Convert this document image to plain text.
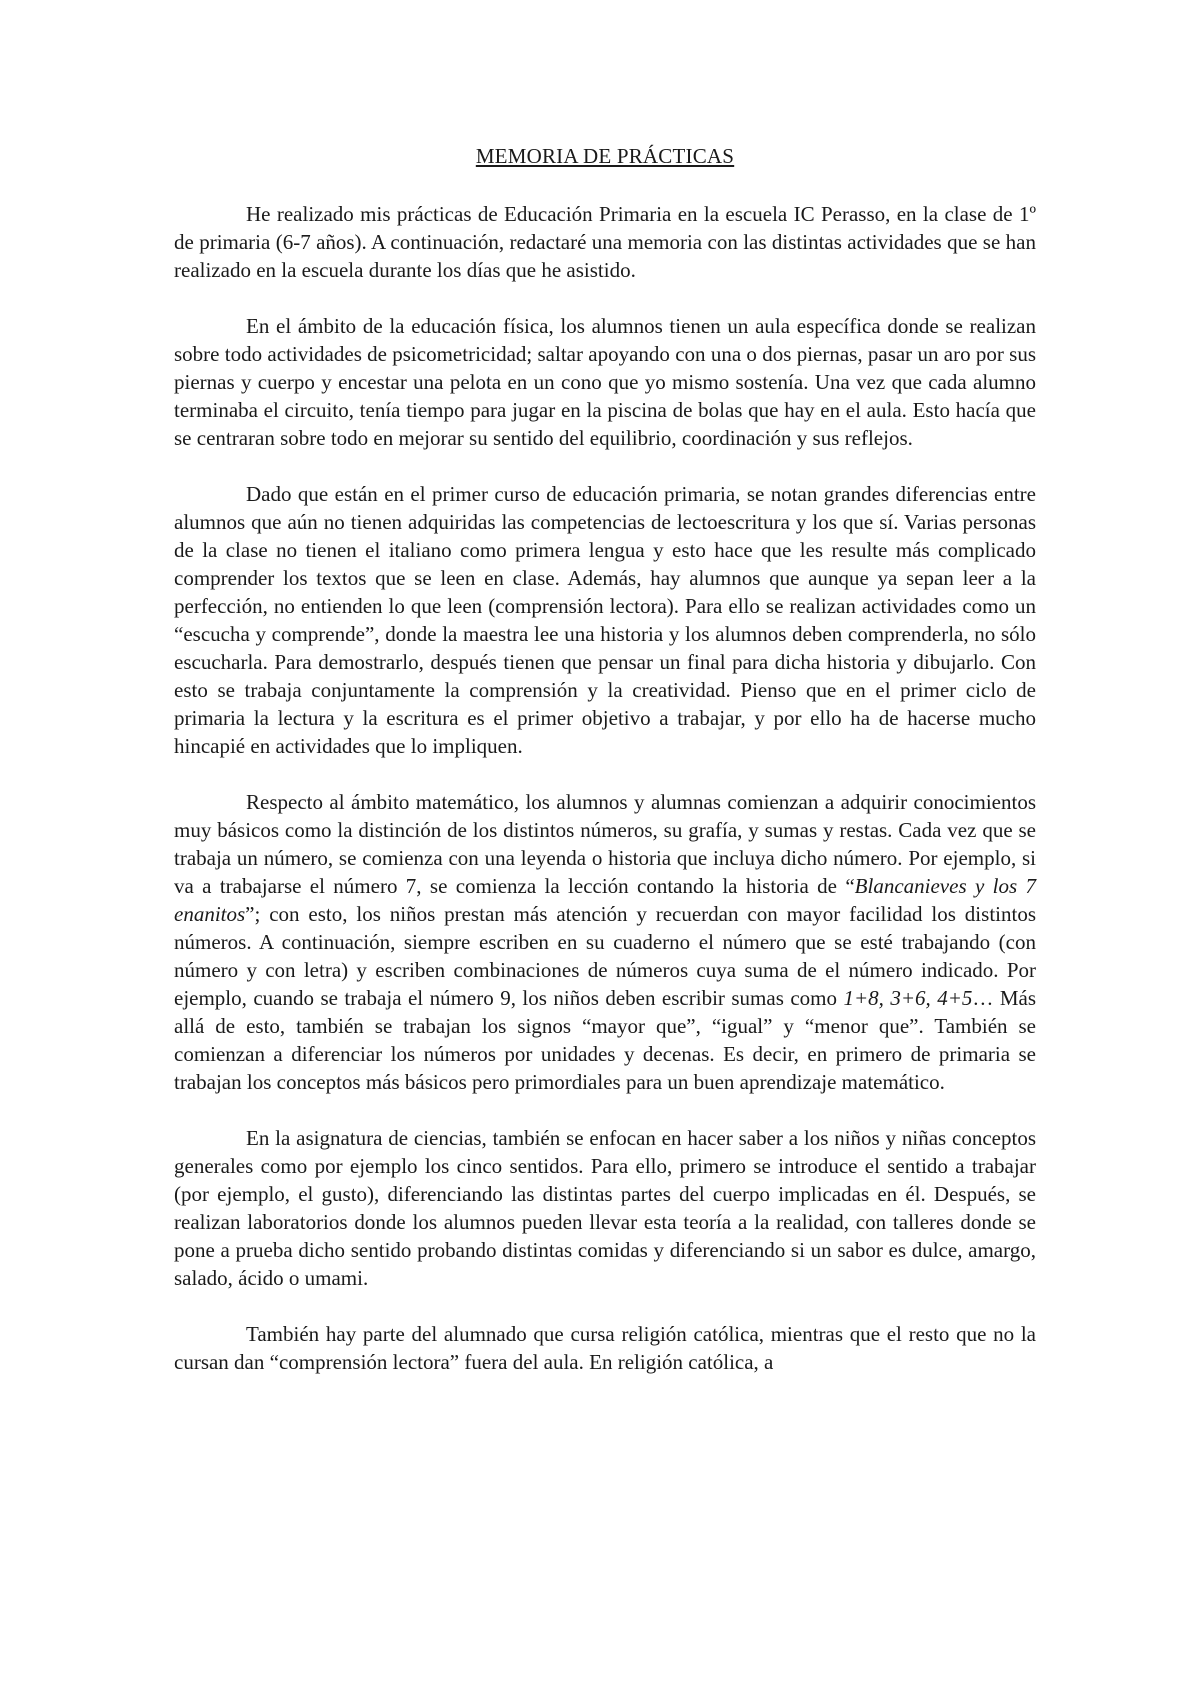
MEMORIA DE PRÁCTICAS

He realizado mis prácticas de Educación Primaria en la escuela IC Perasso, en la clase de 1º de primaria (6-7 años). A continuación, redactaré una memoria con las distintas actividades que se han realizado en la escuela durante los días que he asistido.

En el ámbito de la educación física, los alumnos tienen un aula específica donde se realizan sobre todo actividades de psicometricidad; saltar apoyando con una o dos piernas, pasar un aro por sus piernas y cuerpo y encestar una pelota en un cono que yo mismo sostenía. Una vez que cada alumno terminaba el circuito, tenía tiempo para jugar en la piscina de bolas que hay en el aula. Esto hacía que se centraran sobre todo en mejorar su sentido del equilibrio, coordinación y sus reflejos.

Dado que están en el primer curso de educación primaria, se notan grandes diferencias entre alumnos que aún no tienen adquiridas las competencias de lectoescritura y los que sí. Varias personas de la clase no tienen el italiano como primera lengua y esto hace que les resulte más complicado comprender los textos que se leen en clase. Además, hay alumnos que aunque ya sepan leer a la perfección, no entienden lo que leen (comprensión lectora). Para ello se realizan actividades como un “escucha y comprende”, donde la maestra lee una historia y los alumnos deben comprenderla, no sólo escucharla. Para demostrarlo, después tienen que pensar un final para dicha historia y dibujarlo. Con esto se trabaja conjuntamente la comprensión y la creatividad. Pienso que en el primer ciclo de primaria la lectura y la escritura es el primer objetivo a trabajar, y por ello ha de hacerse mucho hincapié en actividades que lo impliquen.

Respecto al ámbito matemático, los alumnos y alumnas comienzan a adquirir conocimientos muy básicos como la distinción de los distintos números, su grafía, y sumas y restas. Cada vez que se trabaja un número, se comienza con una leyenda o historia que incluya dicho número. Por ejemplo, si va a trabajarse el número 7, se comienza la lección contando la historia de “Blancanieves y los 7 enanitos”; con esto, los niños prestan más atención y recuerdan con mayor facilidad los distintos números. A continuación, siempre escriben en su cuaderno el número que se esté trabajando (con número y con letra) y escriben combinaciones de números cuya suma de el número indicado. Por ejemplo, cuando se trabaja el número 9, los niños deben escribir sumas como 1+8, 3+6, 4+5… Más allá de esto, también se trabajan los signos “mayor que”, “igual” y “menor que”. También se comienzan a diferenciar los números por unidades y decenas. Es decir, en primero de primaria se trabajan los conceptos más básicos pero primordiales para un buen aprendizaje matemático.

En la asignatura de ciencias, también se enfocan en hacer saber a los niños y niñas conceptos generales como por ejemplo los cinco sentidos. Para ello, primero se introduce el sentido a trabajar (por ejemplo, el gusto), diferenciando las distintas partes del cuerpo implicadas en él. Después, se realizan laboratorios donde los alumnos pueden llevar esta teoría a la realidad, con talleres donde se pone a prueba dicho sentido probando distintas comidas y diferenciando si un sabor es dulce, amargo, salado, ácido o umami.

También hay parte del alumnado que cursa religión católica, mientras que el resto que no la cursan dan “comprensión lectora” fuera del aula. En religión católica, a
